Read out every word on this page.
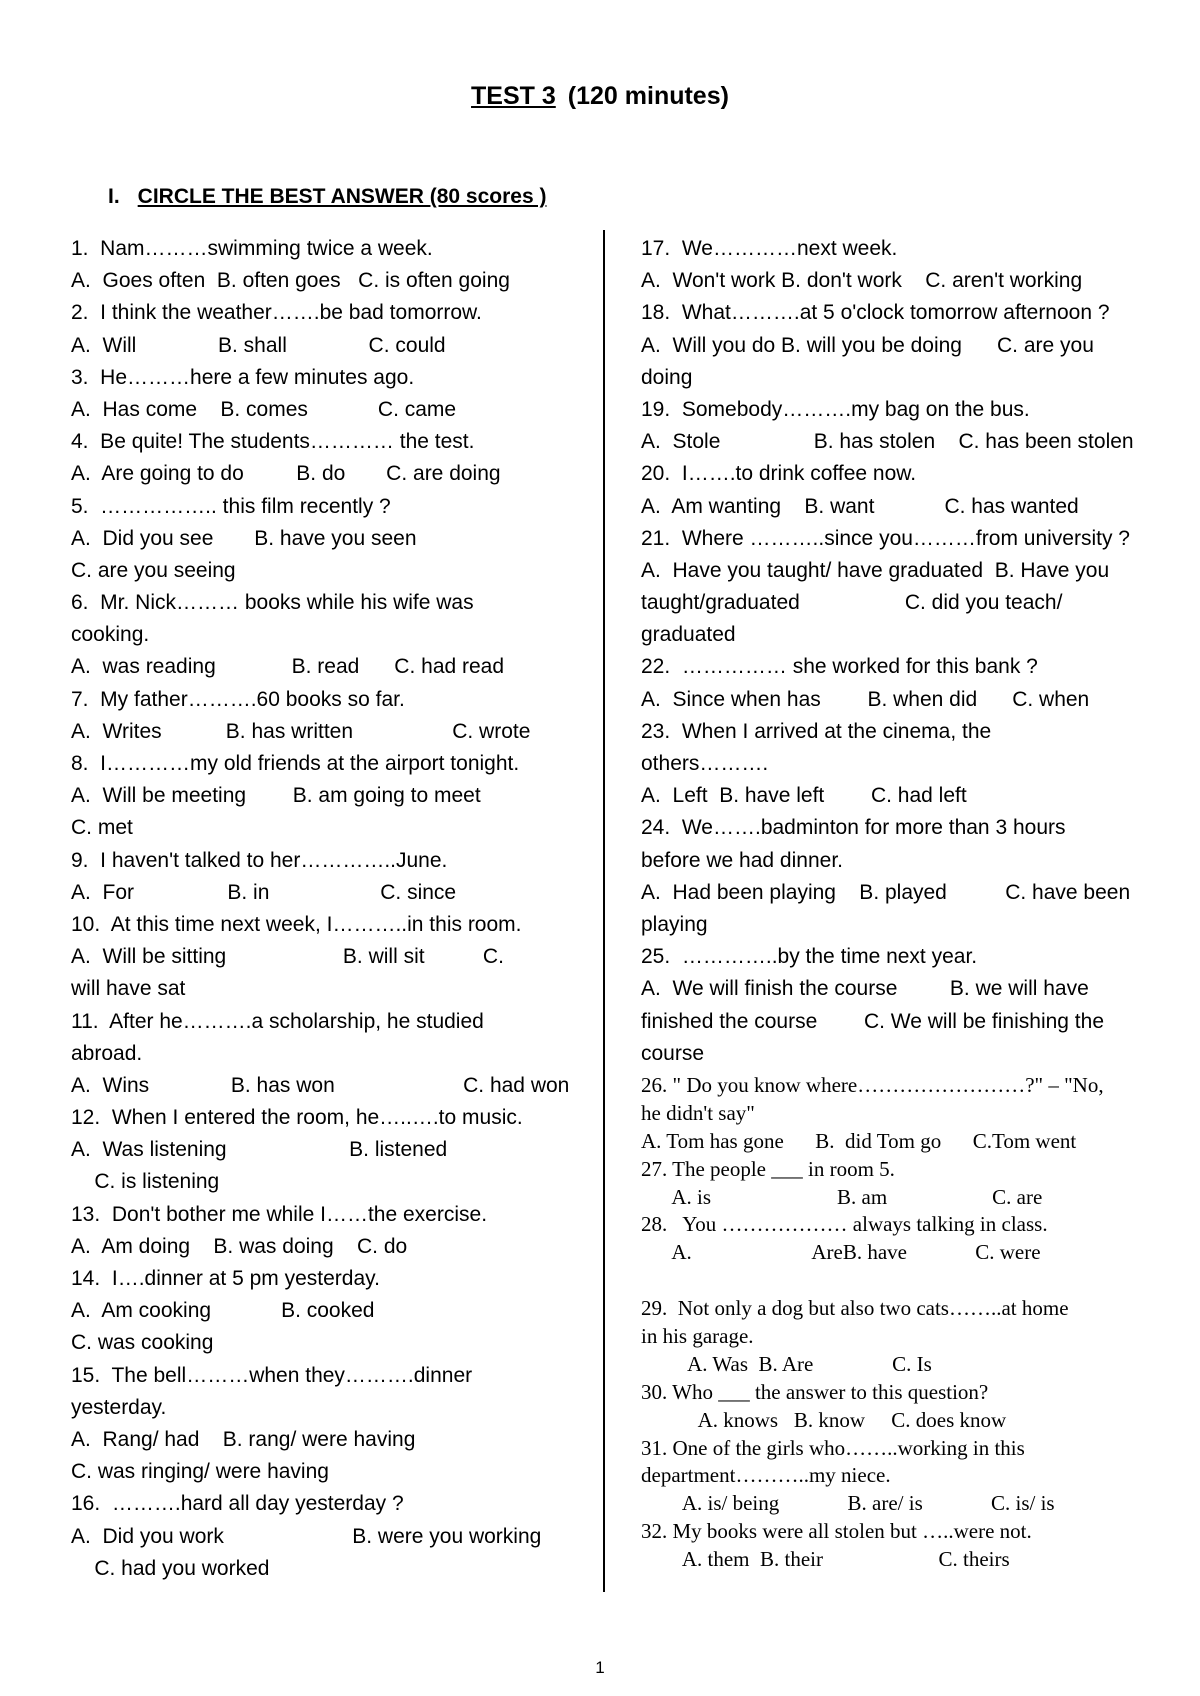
TEST 3 (120 minutes)
I. CIRCLE THE BEST ANSWER (80 scores )
1.  Nam………swimming twice a week.
A.  Goes often  B. often goes   C. is often going
2.  I think the weather…….be bad tomorrow.
A.  Will              B. shall              C. could
3.  He………here a few minutes ago.
A.  Has come    B. comes            C. came
4.  Be quite! The students………… the test.
A.  Are going to do         B. do       C. are doing
5.  …………….. this film recently ?
A.  Did you see       B. have you seen
C. are you seeing
6.  Mr. Nick……… books while his wife was
cooking.
A.  was reading             B. read      C. had read
7.  My father……….60 books so far.
A.  Writes           B. has written                 C. wrote
8.  I…………my old friends at the airport tonight.
A.  Will be meeting        B. am going to meet
C. met
9.  I haven't talked to her…………..June.
A.  For                B. in                   C. since
10.  At this time next week, I………..in this room.
A.  Will be sitting                    B. will sit          C.
will have sat
11.  After he……….a scholarship, he studied
abroad.
A.  Wins              B. has won                      C. had won
12.  When I entered the room, he…..….to music.
A.  Was listening                     B. listened
C. is listening
13.  Don't bother me while I……the exercise.
A.  Am doing    B. was doing    C. do
14.  I….dinner at 5 pm yesterday.
A.  Am cooking            B. cooked
C. was cooking
15.  The bell………when they……….dinner
yesterday.
A.  Rang/ had    B. rang/ were having
C. was ringing/ were having
16.  ……….hard all day yesterday ?
A.  Did you work                      B. were you working
C. had you worked
17.  We…………next week.
A.  Won't work B. don't work    C. aren't working
18.  What……….at 5 o'clock tomorrow afternoon ?
A.  Will you do B. will you be doing      C. are you
doing
19.  Somebody……….my bag on the bus.
A.  Stole                B. has stolen    C. has been stolen
20.  I…….to drink coffee now.
A.  Am wanting    B. want            C. has wanted
21.  Where ………..since you………from university ?
A.  Have you taught/ have graduated  B. Have you
taught/graduated                  C. did you teach/
graduated
22.  …………… she worked for this bank ?
A.  Since when has        B. when did      C. when
23.  When I arrived at the cinema, the
others……….
A.  Left  B. have left        C. had left
24.  We…….badminton for more than 3 hours
before we had dinner.
A.  Had been playing    B. played          C. have been
playing
25.  …………..by the time next year.
A.  We will finish the course         B. we will have
finished the course        C. We will be finishing the
course
26. " Do you know where……………………?" – "No,
he didn't say"
A. Tom has gone      B.  did Tom go      C.Tom went
27. The people ___ in room 5.
A. is                        B. am                    C. are
28.   You ……………… always talking in class.
A.                       AreB. have             C. were
29.  Not only a dog but also two cats……..at home
in his garage.
A. Was  B. Are               C. Is
30. Who ___ the answer to this question?
A. knows   B. know     C. does know
31. One of the girls who……..working in this
department………..my niece.
A. is/ being             B. are/ is             C. is/ is
32. My books were all stolen but …..were not.
A. them  B. their                      C. theirs
1
